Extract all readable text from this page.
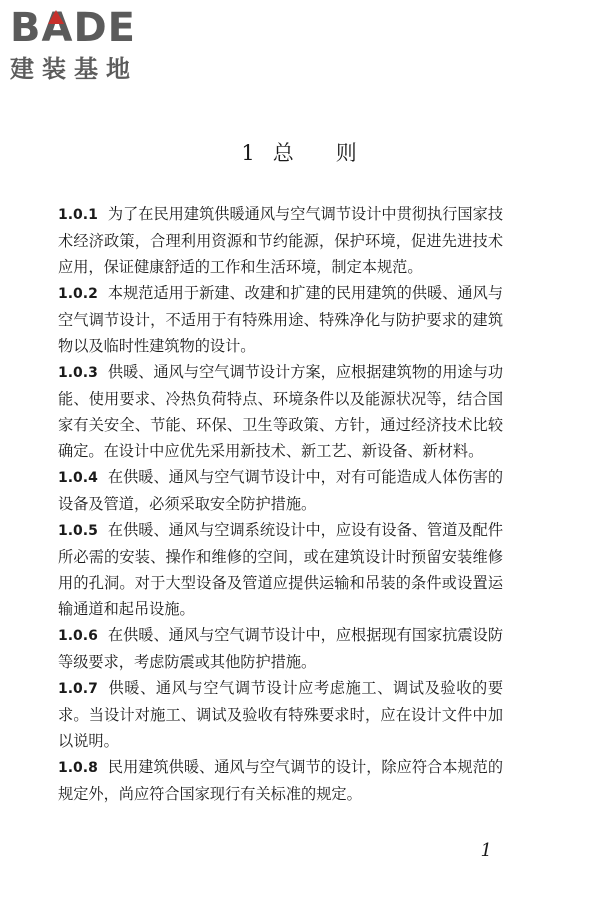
B A DE
建装基地
1 总 则

1.0.1 为了在民用建筑供暖通风与空气调节设计中贯彻执行国家技术经济政策，合理利用资源和节约能源，保护环境，促进先进技术应用，保证健康舒适的工作和生活环境，制定本规范。

1.0.2 本规范适用于新建、改建和扩建的民用建筑的供暖、通风与空气调节设计，不适用于有特殊用途、特殊净化与防护要求的建筑物以及临时性建筑物的设计。

1.0.3 供暖、通风与空气调节设计方案，应根据建筑物的用途与功能、使用要求、冷热负荷特点、环境条件以及能源状况等，结合国家有关安全、节能、环保、卫生等政策、方针，通过经济技术比较确定。在设计中应优先采用新技术、新工艺、新设备、新材料。

1.0.4 在供暖、通风与空气调节设计中，对有可能造成人体伤害的设备及管道，必须采取安全防护措施。

1.0.5 在供暖、通风与空调系统设计中，应设有设备、管道及配件所必需的安装、操作和维修的空间，或在建筑设计时预留安装维修用的孔洞。对于大型设备及管道应提供运输和吊装的条件或设置运输通道和起吊设施。

1.0.6 在供暖、通风与空气调节设计中，应根据现有国家抗震设防等级要求，考虑防震或其他防护措施。

1.0.7 供暖、通风与空气调节设计应考虑施工、调试及验收的要求。当设计对施工、调试及验收有特殊要求时，应在设计文件中加以说明。

1.0.8 民用建筑供暖、通风与空气调节的设计，除应符合本规范的规定外，尚应符合国家现行有关标准的规定。

1
